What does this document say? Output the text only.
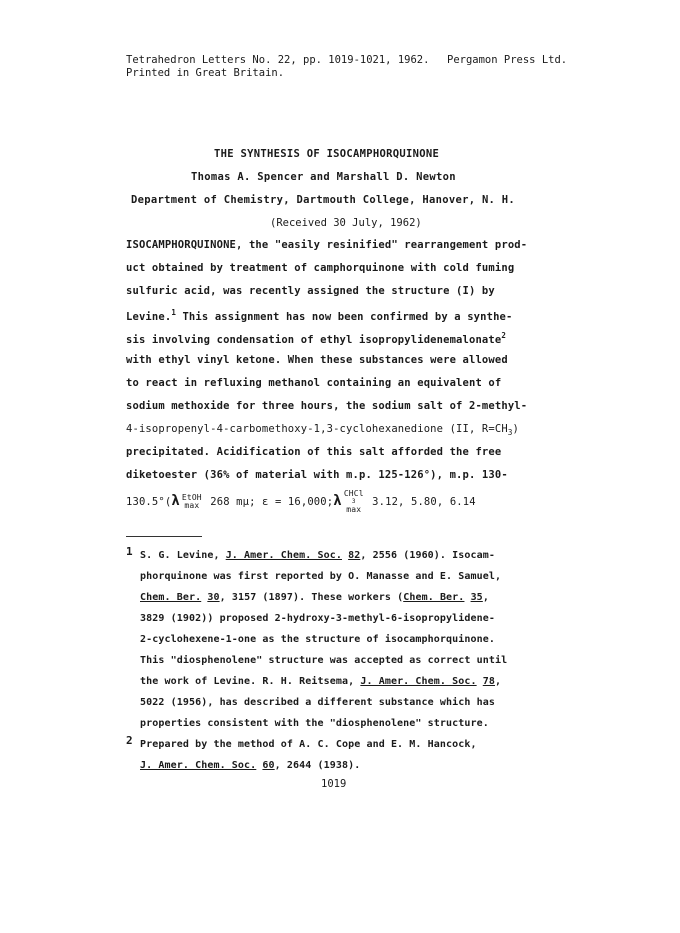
Tetrahedron Letters No. 22, pp. 1019-1021, 1962. Pergamon Press Ltd.
Printed in Great Britain.
THE SYNTHESIS OF ISOCAMPHORQUINONE
Thomas A. Spencer and Marshall D. Newton
Department of Chemistry, Dartmouth College, Hanover, N. H.
(Received 30 July, 1962)
ISOCAMPHORQUINONE, the "easily resinified" rearrangement prod-
uct obtained by treatment of camphorquinone with cold fuming
sulfuric acid, was recently assigned the structure (I) by
Levine.$^1$ This assignment has now been confirmed by a synthe-
sis involving condensation of ethyl isopropylidenemalonate$^2$
with ethyl vinyl ketone. When these substances were allowed
to react in refluxing methanol containing an equivalent of
sodium methoxide for three hours, the sodium salt of 2-methyl-
4-isopropenyl-4-carbomethoxy-1,3-cyclohexanedione (II, $R=CH_3$)
precipitated. Acidification of this salt afforded the free
diketoester (36% of material with m.p. 125-126°), m.p. 130-
130.5°(λ EtOH
max 268 mμ; ε = 16,000;λ CHCl
3
max
3.12, 5.80, 6.14
1 S. G. Levine, J. Amer. Chem. Soc. 82, 2556 (1960). Isocam-
phorquinone was first reported by O. Manasse and E. Samuel,
Chem. Ber. 30, 3157 (1897). These workers (Chem. Ber. 35,
3829 (1902)) proposed 2-hydroxy-3-methyl-6-isopropylidene-
2-cyclohexene-1-one as the structure of isocamphorquinone.
This "diosphenolene" structure was accepted as correct until
the work of Levine. R. H. Reitsema, J. Amer. Chem. Soc. 78,
5022 (1956), has described a different substance which has
properties consistent with the "diosphenolene" structure.
2 Prepared by the method of A. C. Cope and E. M. Hancock,
J. Amer. Chem. Soc. 60, 2644 (1938).
1019
